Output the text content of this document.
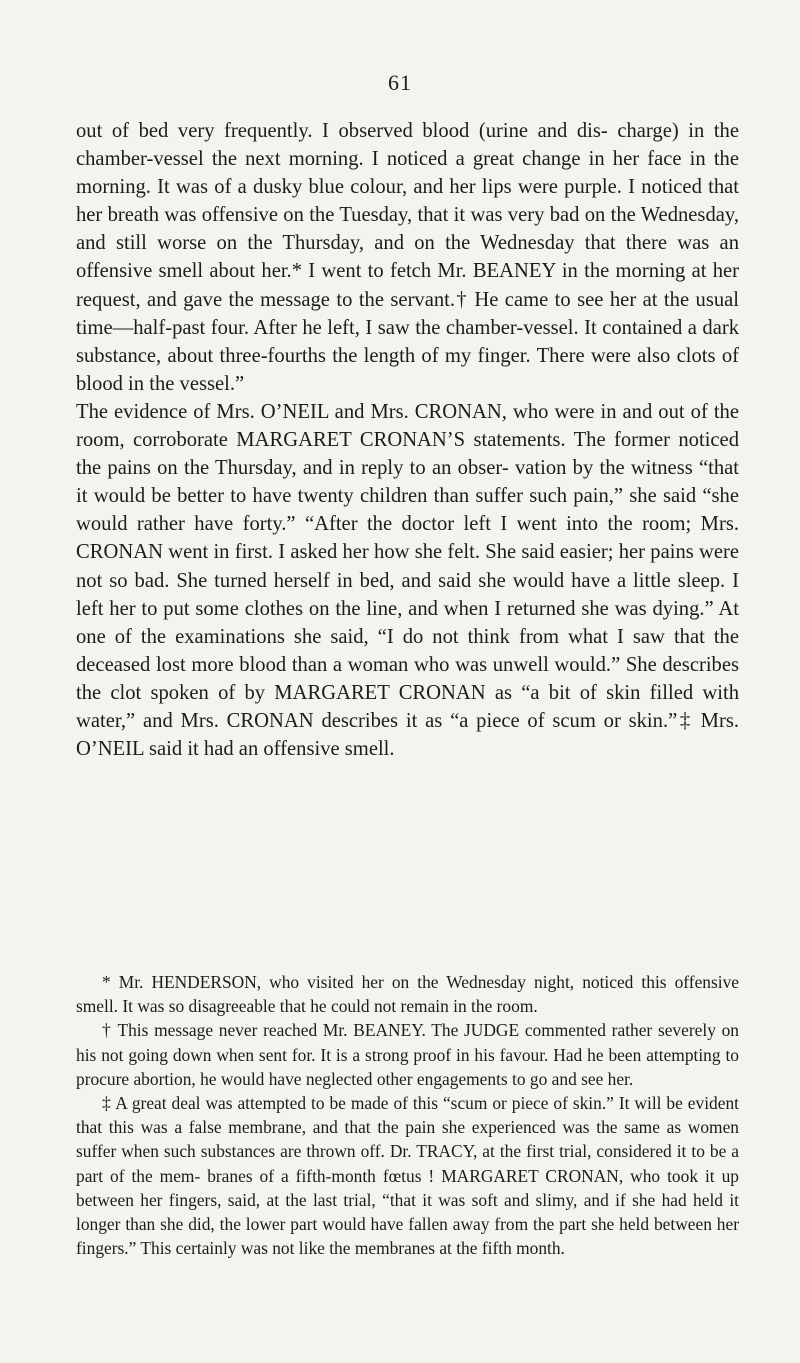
61

out of bed very frequently. I observed blood (urine and dis- charge) in the chamber-vessel the next morning. I noticed a great change in her face in the morning. It was of a dusky blue colour, and her lips were purple. I noticed that her breath was offensive on the Tuesday, that it was very bad on the Wednesday, and still worse on the Thursday, and on the Wednesday that there was an offensive smell about her.* I went to fetch Mr. BEANEY in the morning at her request, and gave the message to the servant.† He came to see her at the usual time—half-past four. After he left, I saw the chamber-vessel. It contained a dark substance, about three-fourths the length of my finger. There were also clots of blood in the vessel.”

The evidence of Mrs. O’NEIL and Mrs. CRONAN, who were in and out of the room, corroborate MARGARET CRONAN’S statements. The former noticed the pains on the Thursday, and in reply to an obser- vation by the witness “that it would be better to have twenty children than suffer such pain,” she said “she would rather have forty.” “After the doctor left I went into the room; Mrs. CRONAN went in first. I asked her how she felt. She said easier; her pains were not so bad. She turned herself in bed, and said she would have a little sleep. I left her to put some clothes on the line, and when I returned she was dying.” At one of the examinations she said, “I do not think from what I saw that the deceased lost more blood than a woman who was unwell would.” She describes the clot spoken of by MARGARET CRONAN as “a bit of skin filled with water,” and Mrs. CRONAN describes it as “a piece of scum or skin.”‡ Mrs. O’NEIL said it had an offensive smell.

* Mr. HENDERSON, who visited her on the Wednesday night, noticed this offensive smell. It was so disagreeable that he could not remain in the room.

† This message never reached Mr. BEANEY. The JUDGE commented rather severely on his not going down when sent for. It is a strong proof in his favour. Had he been attempting to procure abortion, he would have neglected other engagements to go and see her.

‡ A great deal was attempted to be made of this “scum or piece of skin.” It will be evident that this was a false membrane, and that the pain she experienced was the same as women suffer when such substances are thrown off. Dr. TRACY, at the first trial, considered it to be a part of the mem- branes of a fifth-month fœtus ! MARGARET CRONAN, who took it up between her fingers, said, at the last trial, “that it was soft and slimy, and if she had held it longer than she did, the lower part would have fallen away from the part she held between her fingers.” This certainly was not like the membranes at the fifth month.
